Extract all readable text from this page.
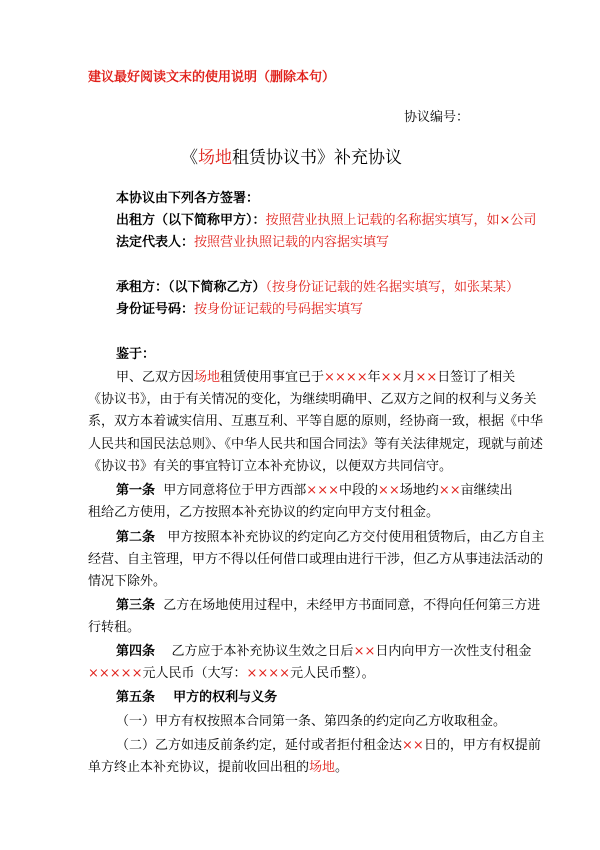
建议最好阅读文末的使用说明（删除本句）
协议编号：
《场地租赁协议书》补充协议
本协议由下列各方签署：
出租方（以下简称甲方）：按照营业执照上记载的名称据实填写，如×公司
法定代表人：按照营业执照记载的内容据实填写
承租方：（以下简称乙方）（按身份证记载的姓名据实填写，如张某某）
身份证号码：按身份证记载的号码据实填写
鉴于：
甲、乙双方因场地租赁使用事宜已于××××年××月××日签订了相关
《协议书》，由于有关情况的变化，为继续明确甲、乙双方之间的权利与义务关
系，双方本着诚实信用、互惠互利、平等自愿的原则，经协商一致，根据《中华
人民共和国民法总则》、《中华人民共和国合同法》等有关法律规定，现就与前述
《协议书》有关的事宜特订立本补充协议，以便双方共同信守。
第一条 甲方同意将位于甲方西部×××中段的××场地约××亩继续出
租给乙方使用，乙方按照本补充协议的约定向甲方支付租金。
第二条 甲方按照本补充协议的约定向乙方交付使用租赁物后，由乙方自主
经营、自主管理，甲方不得以任何借口或理由进行干涉，但乙方从事违法活动的
情况下除外。
第三条 乙方在场地使用过程中，未经甲方书面同意，不得向任何第三方进
行转租。
第四条 乙方应于本补充协议生效之日后××日内向甲方一次性支付租金
×××××元人民币（大写：××××元人民币整）。
第五条 甲方的权利与义务
（一）甲方有权按照本合同第一条、第四条的约定向乙方收取租金。
（二）乙方如违反前条约定，延付或者拒付租金达××日的，甲方有权提前
单方终止本补充协议，提前收回出租的场地。
